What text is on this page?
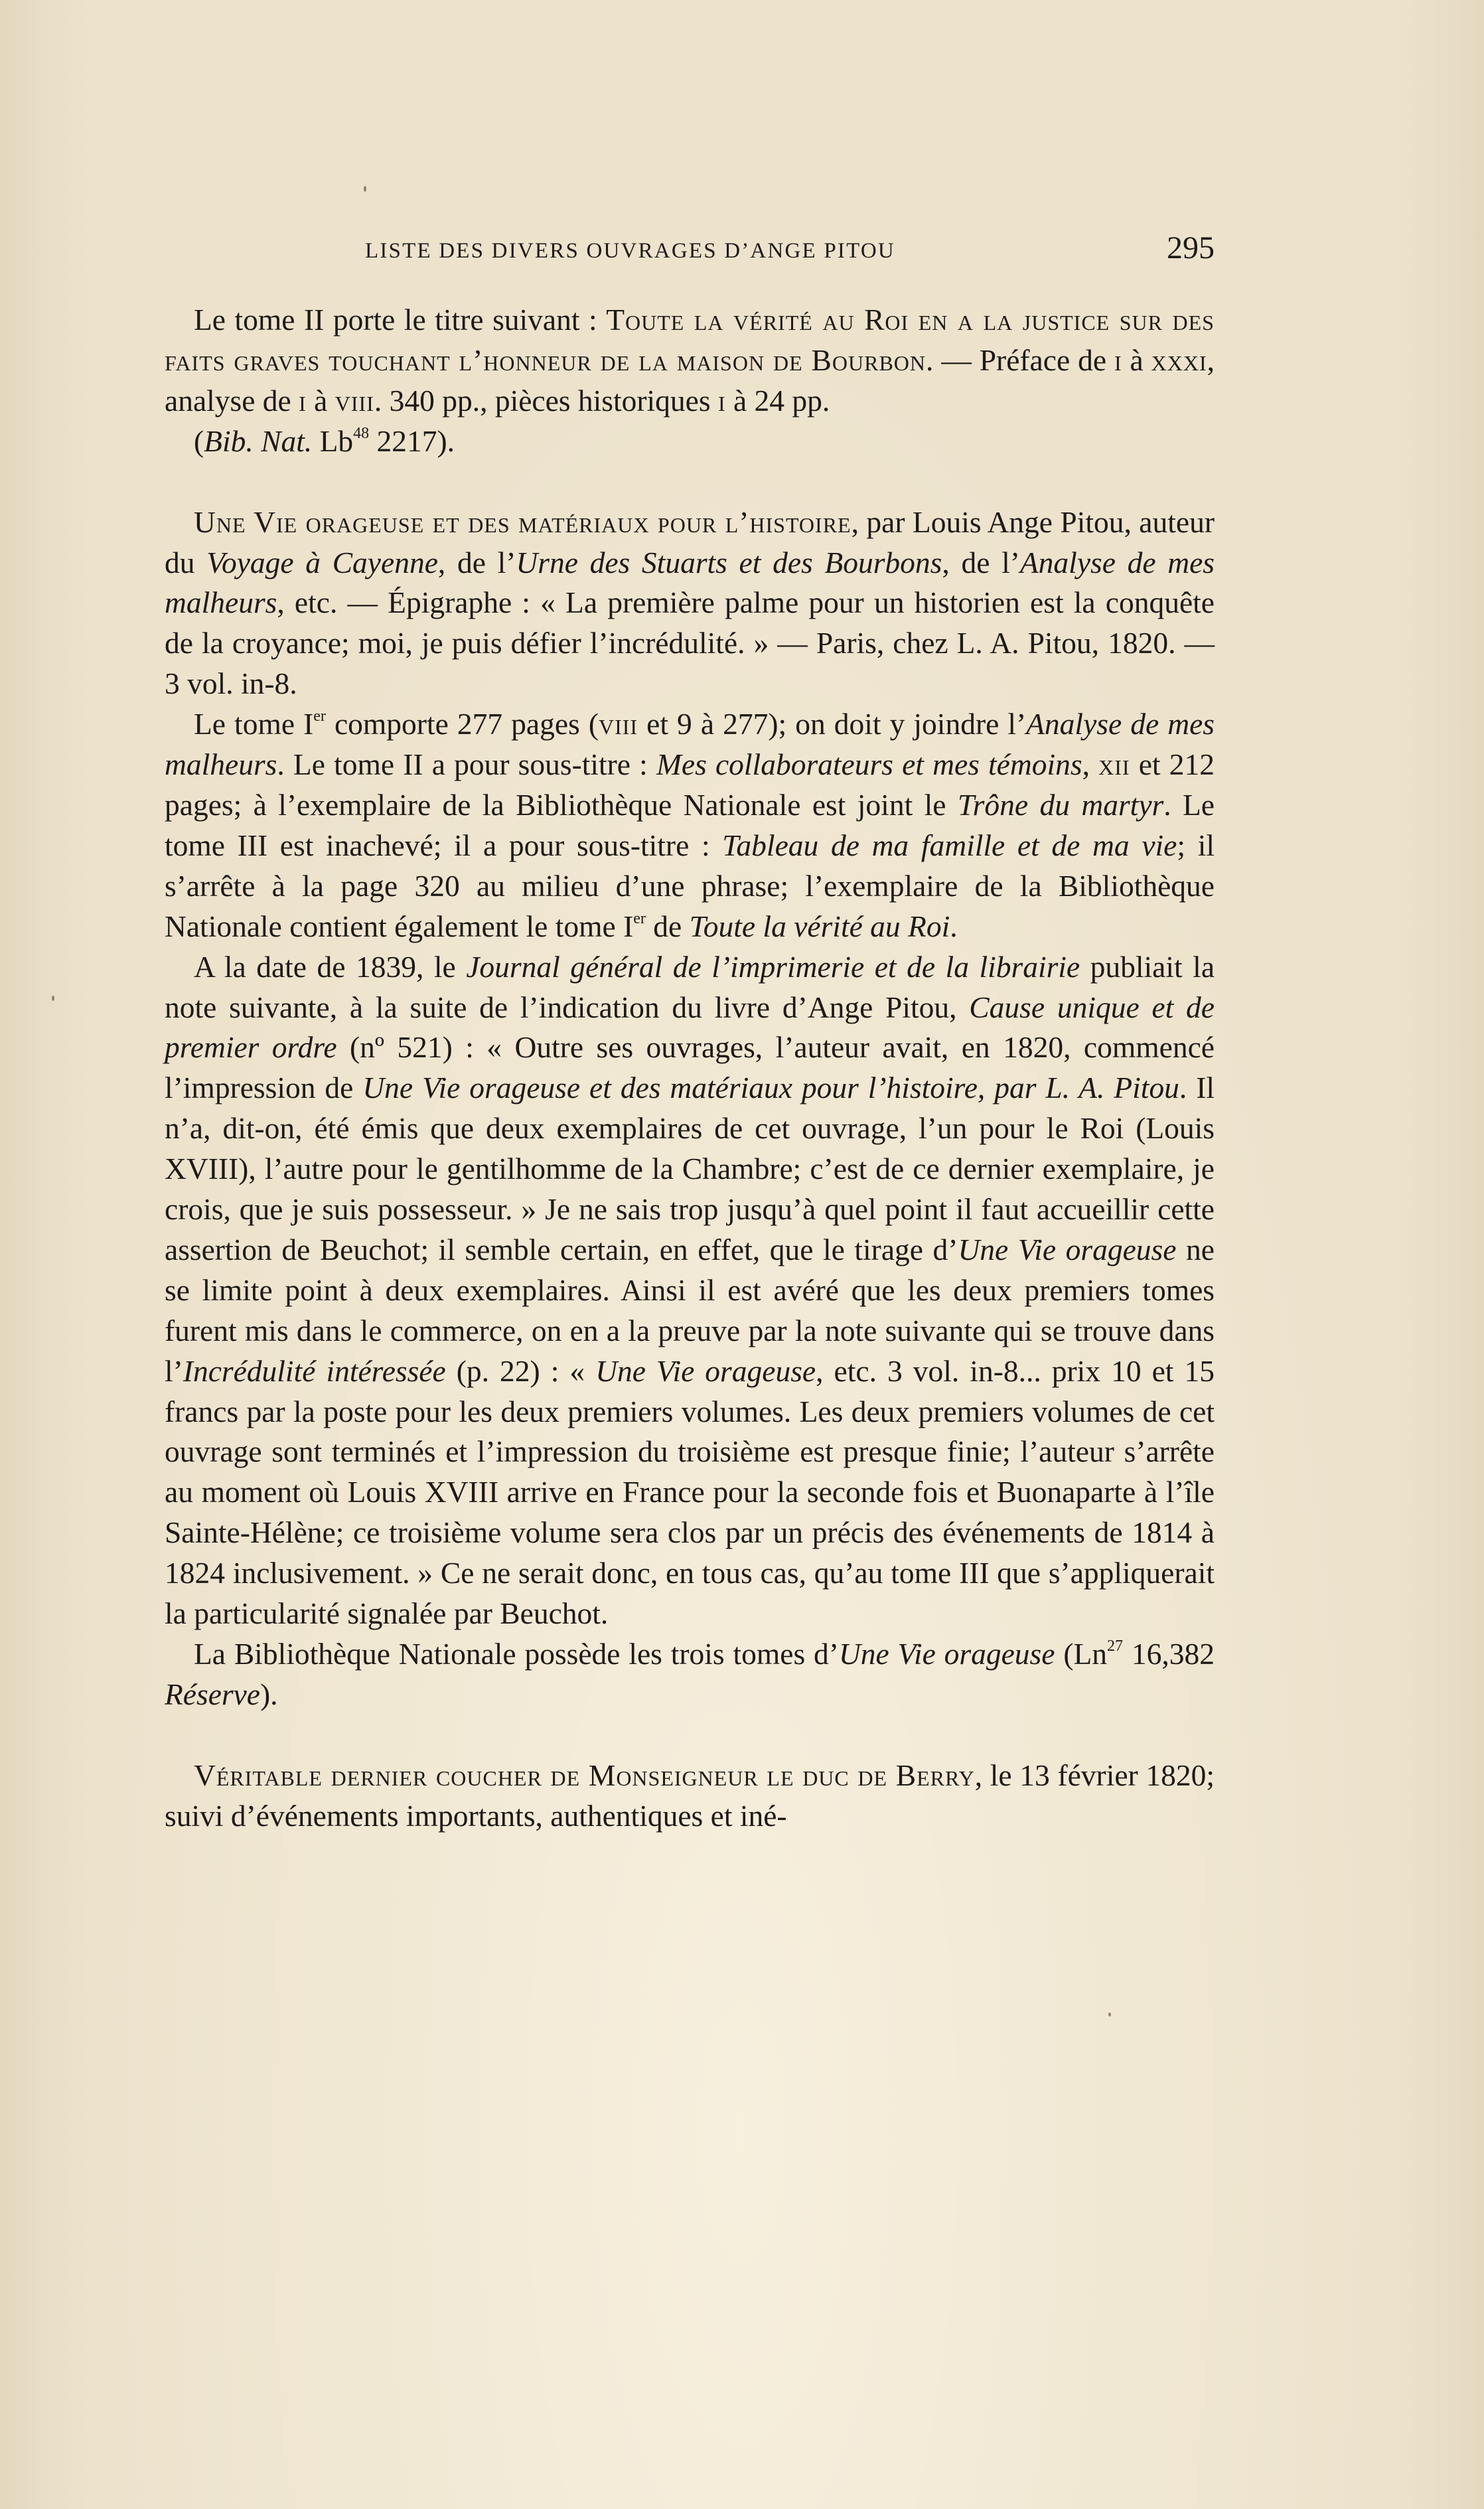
LISTE DES DIVERS OUVRAGES D’ANGE PITOU	295

Le tome II porte le titre suivant : Toute la vérité au Roi en a la justice sur des faits graves touchant l’honneur de la maison de Bourbon. — Préface de i à xxxi, analyse de i à viii. 340 pp., pièces historiques i à 24 pp.

(Bib. Nat. Lb$^{48}$ 2217).

Une Vie orageuse et des matériaux pour l’histoire, par Louis Ange Pitou, auteur du Voyage à Cayenne, de l’Urne des Stuarts et des Bourbons, de l’Analyse de mes malheurs, etc. — Épigraphe : « La première palme pour un historien est la conquête de la croyance; moi, je puis défier l’incrédulité. » — Paris, chez L. A. Pitou, 1820. — 3 vol. in-8.

Le tome Ier comporte 277 pages (viii et 9 à 277); on doit y joindre l’Analyse de mes malheurs. Le tome II a pour sous-titre : Mes collaborateurs et mes témoins, xii et 212 pages; à l’exemplaire de la Bibliothèque Nationale est joint le Trône du martyr. Le tome III est inachevé; il a pour sous-titre : Tableau de ma famille et de ma vie; il s’arrête à la page 320 au milieu d’une phrase; l’exemplaire de la Bibliothèque Nationale contient également le tome Ier de Toute la vérité au Roi.

A la date de 1839, le Journal général de l’imprimerie et de la librairie publiait la note suivante, à la suite de l’indication du livre d’Ange Pitou, Cause unique et de premier ordre (nº 521) : « Outre ses ouvrages, l’auteur avait, en 1820, commencé l’impression de Une Vie orageuse et des matériaux pour l’histoire, par L. A. Pitou. Il n’a, dit-on, été émis que deux exemplaires de cet ouvrage, l’un pour le Roi (Louis XVIII), l’autre pour le gentilhomme de la Chambre; c’est de ce dernier exemplaire, je crois, que je suis possesseur. » Je ne sais trop jusqu’à quel point il faut accueillir cette assertion de Beuchot; il semble certain, en effet, que le tirage d’Une Vie orageuse ne se limite point à deux exemplaires. Ainsi il est avéré que les deux premiers tomes furent mis dans le commerce, on en a la preuve par la note suivante qui se trouve dans l’Incrédulité intéressée (p. 22) : « Une Vie orageuse, etc. 3 vol. in-8... prix 10 et 15 francs par la poste pour les deux premiers volumes. Les deux premiers volumes de cet ouvrage sont terminés et l’impression du troisième est presque finie; l’auteur s’arrête au moment où Louis XVIII arrive en France pour la seconde fois et Buonaparte à l’île Sainte-Hélène; ce troisième volume sera clos par un précis des événements de 1814 à 1824 inclusivement. » Ce ne serait donc, en tous cas, qu’au tome III que s’appliquerait la particularité signalée par Beuchot.

La Bibliothèque Nationale possède les trois tomes d’Une Vie orageuse (Ln$^{27}$ 16,382 Réserve).

Véritable dernier coucher de Monseigneur le duc de Berry, le 13 février 1820; suivi d’événements importants, authentiques et iné-
